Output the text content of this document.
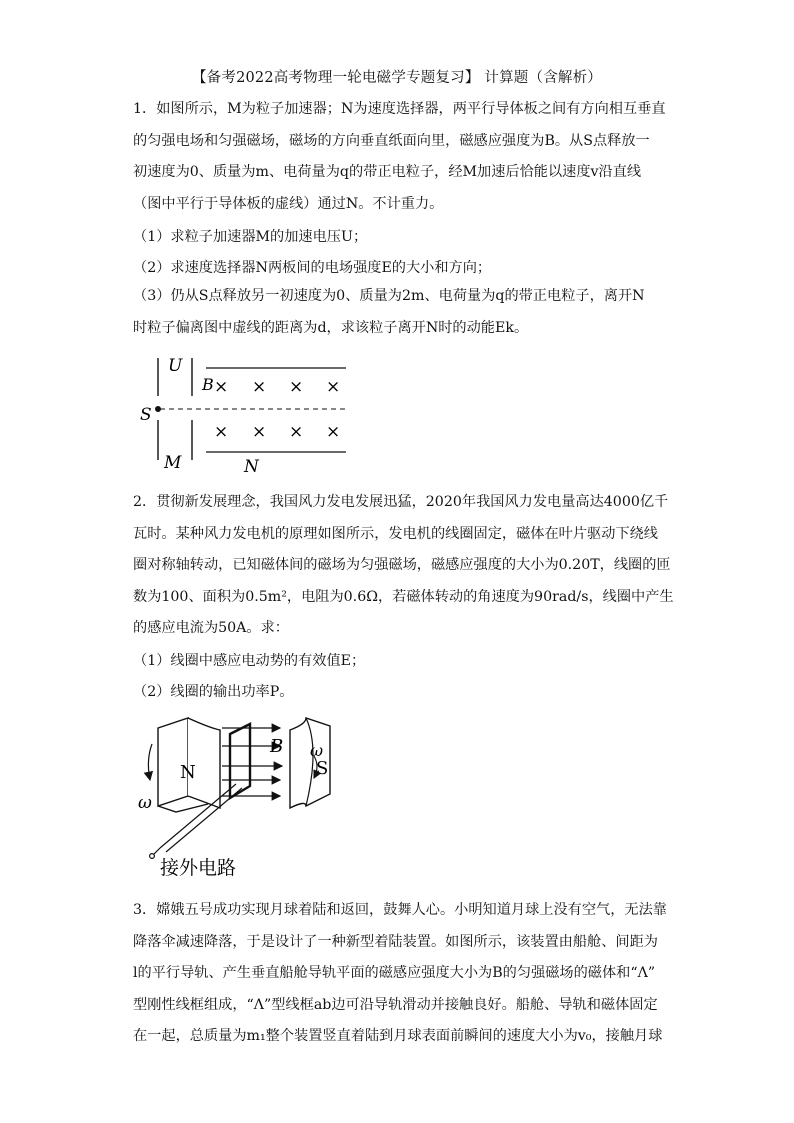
【备考2022高考物理一轮电磁学专题复习】 计算题（含解析）
1．如图所示，M为粒子加速器；N为速度选择器，两平行导体板之间有方向相互垂直
的匀强电场和匀强磁场，磁场的方向垂直纸面向里，磁感应强度为B。从S点释放一
初速度为0、质量为m、电荷量为q的带正电粒子，经M加速后恰能以速度v沿直线
（图中平行于导体板的虚线）通过N。不计重力。
（1）求粒子加速器M的加速电压U；
（2）求速度选择器N两板间的电场强度E的大小和方向；
（3）仍从S点释放另一初速度为0、质量为2m、电荷量为q的带正电粒子，离开N
时粒子偏离图中虚线的距离为d，求该粒子离开N时的动能Ek。
U
B
S
M	N
× × × ×
× × × ×
2．贯彻新发展理念，我国风力发电发展迅猛，2020年我国风力发电量高达4000亿千
瓦时。某种风力发电机的原理如图所示，发电机的线圈固定，磁体在叶片驱动下绕线
圈对称轴转动，已知磁体间的磁场为匀强磁场，磁感应强度的大小为0.20T，线圈的匝
数为100、面积为0.5m²，电阻为0.6Ω，若磁体转动的角速度为90rad/s，线圈中产生
的感应电流为50A。求：
（1）线圈中感应电动势的有效值E；
（2）线圈的输出功率P。
N
ω
ω
S
B
接外电路
3．嫦娥五号成功实现月球着陆和返回，鼓舞人心。小明知道月球上没有空气，无法靠
降落伞减速降落，于是设计了一种新型着陆装置。如图所示，该装置由船舱、间距为
l的平行导轨、产生垂直船舱导轨平面的磁感应强度大小为B的匀强磁场的磁体和“Λ”
型刚性线框组成，“Λ”型线框ab边可沿导轨滑动并接触良好。船舱、导轨和磁体固定
在一起，总质量为m₁整个装置竖直着陆到月球表面前瞬间的速度大小为v₀，接触月球
